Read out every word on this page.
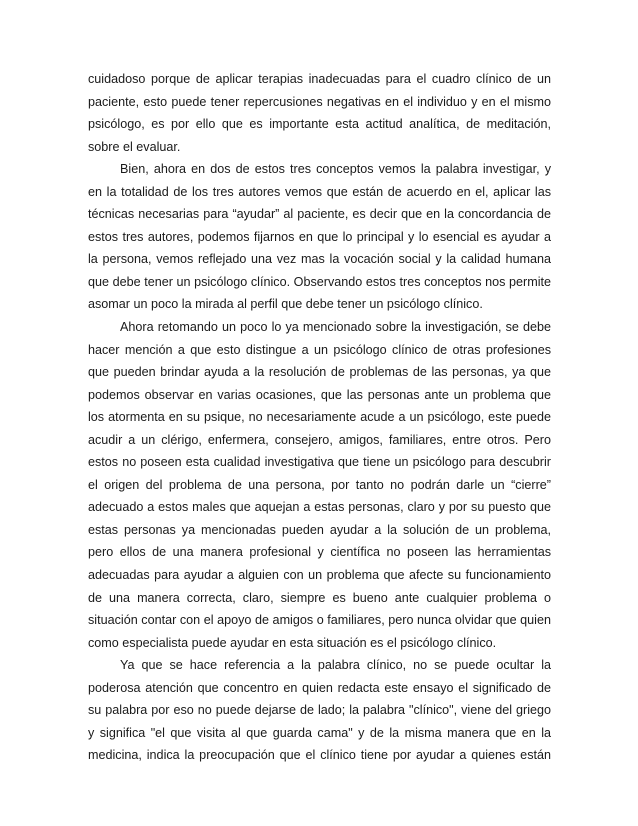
cuidadoso porque de aplicar terapias inadecuadas para el cuadro clínico de un
paciente, esto puede tener repercusiones negativas en el individuo y en el mismo
psicólogo, es por ello que es importante esta actitud analítica, de meditación,
sobre el evaluar.
Bien, ahora en dos de estos tres conceptos vemos la palabra investigar, y
en la totalidad de los tres autores vemos que están de acuerdo en el, aplicar las
técnicas necesarias para “ayudar” al paciente, es decir que en la concordancia de
estos tres autores, podemos fijarnos en que lo principal y lo esencial es ayudar a
la persona, vemos reflejado una vez mas la vocación social y la calidad humana
que debe tener un psicólogo clínico. Observando estos tres conceptos nos permite
asomar un poco la mirada al perfil que debe tener un psicólogo clínico.
Ahora retomando un poco lo ya mencionado sobre la investigación, se debe
hacer mención a que esto distingue a un psicólogo clínico de otras profesiones
que pueden brindar ayuda a la resolución de problemas de las personas, ya que
podemos observar en varias ocasiones, que las personas ante un problema que
los atormenta en su psique, no necesariamente acude a un psicólogo, este puede
acudir a un clérigo, enfermera, consejero, amigos, familiares, entre otros. Pero
estos no poseen esta cualidad investigativa que tiene un psicólogo para descubrir
el origen del problema de una persona, por tanto no podrán darle un “cierre”
adecuado a estos males que aquejan a estas personas, claro y por su puesto que
estas personas ya mencionadas pueden ayudar a la solución de un problema,
pero ellos de una manera profesional y científica no poseen las herramientas
adecuadas para ayudar a alguien con un problema que afecte su funcionamiento
de una manera correcta, claro, siempre es bueno ante cualquier problema o
situación contar con el apoyo de amigos o familiares, pero nunca olvidar que quien
como especialista puede ayudar en esta situación es el psicólogo clínico.
Ya que se hace referencia a la palabra clínico, no se puede ocultar la
poderosa atención que concentro en quien redacta este ensayo el significado de
su palabra por eso no puede dejarse de lado; la palabra "clínico", viene del griego
y significa "el que visita al que guarda cama" y de la misma manera que en la
medicina, indica la preocupación que el clínico tiene por ayudar a quienes están
